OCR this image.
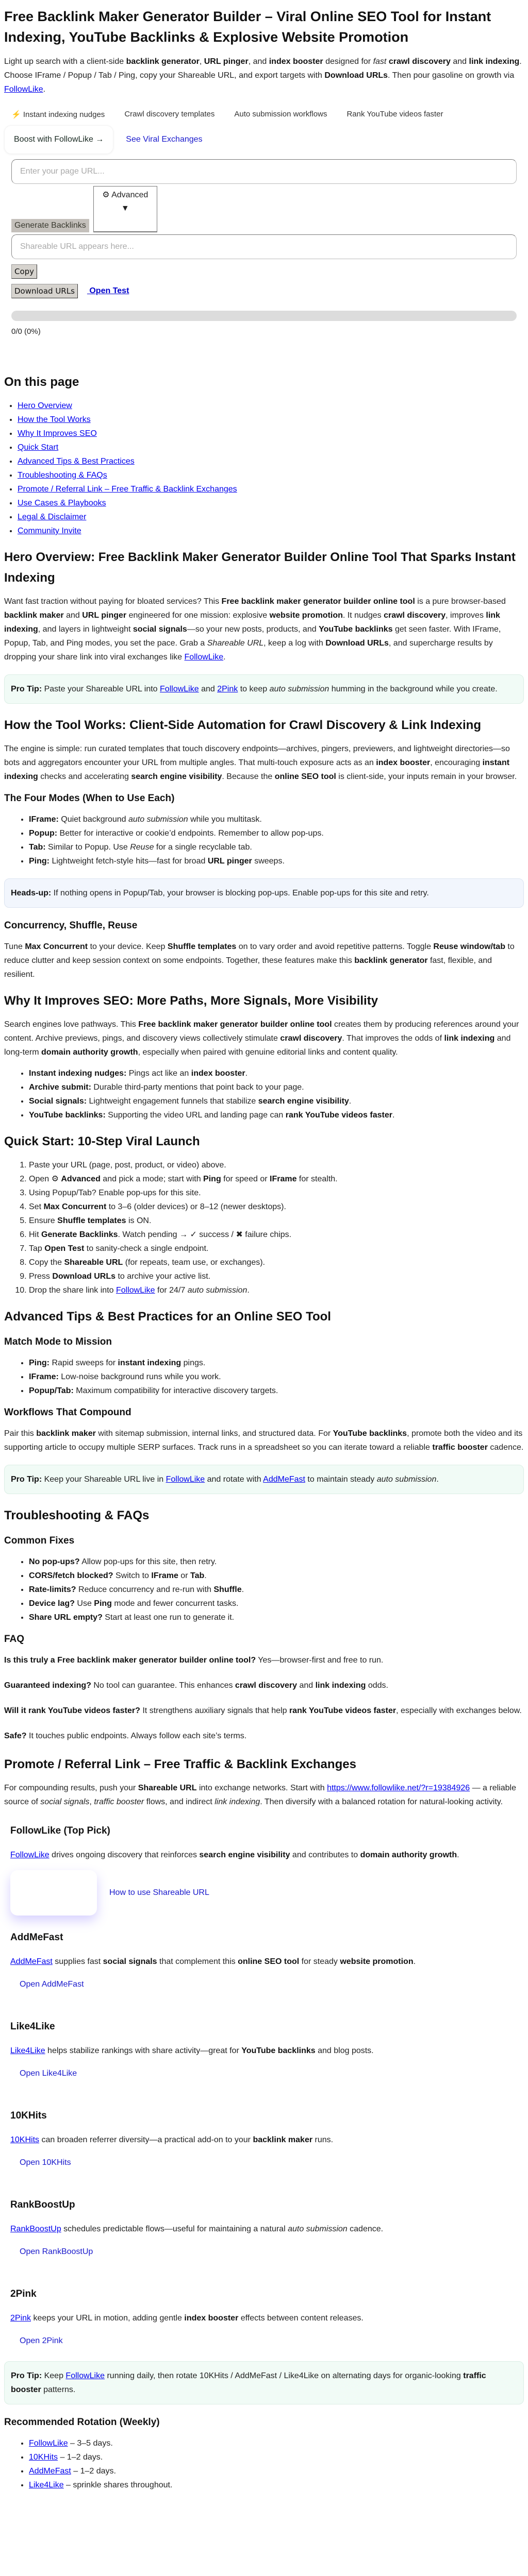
Free Backlink Maker Generator Builder – Viral Online SEO Tool for Instant Indexing, YouTube Backlinks & Explosive Website Promotion

Light up search with a client-side backlink generator, URL pinger, and index booster designed for fast crawl discovery and link indexing. Choose IFrame / Popup / Tab / Ping, copy your Shareable URL, and export targets with Download URLs. Then pour gasoline on growth via FollowLike.

⚡ Instant indexing nudges	Crawl discovery templates	Auto submission workflows	Rank YouTube videos faster
Boost with FollowLike →	See Viral Exchanges
Enter your page URL...
Generate Backlinks
⚙ Advanced
▼
Shareable URL appears here...
Copy
Download URLs	Open Test
0/0 (0%)
On this page
• Hero Overview
• How the Tool Works
• Why It Improves SEO
• Quick Start
• Advanced Tips & Best Practices
• Troubleshooting & FAQs
• Promote / Referral Link – Free Traffic & Backlink Exchanges
• Use Cases & Playbooks
• Legal & Disclaimer
• Community Invite
Hero Overview: Free Backlink Maker Generator Builder Online Tool That Sparks Instant Indexing

Want fast traction without paying for bloated services? This Free backlink maker generator builder online tool is a pure browser-based backlink maker and URL pinger engineered for one mission: explosive website promotion. It nudges crawl discovery, improves link indexing, and layers in lightweight social signals—so your new posts, products, and YouTube backlinks get seen faster. With IFrame, Popup, Tab, and Ping modes, you set the pace. Grab a Shareable URL, keep a log with Download URLs, and supercharge results by dropping your share link into viral exchanges like FollowLike.

Pro Tip: Paste your Shareable URL into FollowLike and 2Pink to keep auto submission humming in the background while you create.
How the Tool Works: Client-Side Automation for Crawl Discovery & Link Indexing

The engine is simple: run curated templates that touch discovery endpoints—archives, pingers, previewers, and lightweight directories—so bots and aggregators encounter your URL from multiple angles. That multi-touch exposure acts as an index booster, encouraging instant indexing checks and accelerating search engine visibility. Because the online SEO tool is client-side, your inputs remain in your browser.

The Four Modes (When to Use Each)
• IFrame: Quiet background auto submission while you multitask.
• Popup: Better for interactive or cookie’d endpoints. Remember to allow pop-ups.
• Tab: Similar to Popup. Use Reuse for a single recyclable tab.
• Ping: Lightweight fetch-style hits—fast for broad URL pinger sweeps.
Heads-up: If nothing opens in Popup/Tab, your browser is blocking pop-ups. Enable pop-ups for this site and retry.
Concurrency, Shuffle, Reuse

Tune Max Concurrent to your device. Keep Shuffle templates on to vary order and avoid repetitive patterns. Toggle Reuse window/tab to reduce clutter and keep session context on some endpoints. Together, these features make this backlink generator fast, flexible, and resilient.

Why It Improves SEO: More Paths, More Signals, More Visibility

Search engines love pathways. This Free backlink maker generator builder online tool creates them by producing references around your content. Archive previews, pings, and discovery views collectively stimulate crawl discovery. That improves the odds of link indexing and long-term domain authority growth, especially when paired with genuine editorial links and content quality.

• Instant indexing nudges: Pings act like an index booster.
• Archive submit: Durable third-party mentions that point back to your page.
• Social signals: Lightweight engagement funnels that stabilize search engine visibility.
• YouTube backlinks: Supporting the video URL and landing page can rank YouTube videos faster.
Quick Start: 10-Step Viral Launch
1. Paste your URL (page, post, product, or video) above.
2. Open ⚙ Advanced and pick a mode; start with Ping for speed or IFrame for stealth.
3. Using Popup/Tab? Enable pop-ups for this site.
4. Set Max Concurrent to 3–6 (older devices) or 8–12 (newer desktops).
5. Ensure Shuffle templates is ON.
6. Hit Generate Backlinks. Watch pending → ✓ success / ✖ failure chips.
7. Tap Open Test to sanity-check a single endpoint.
8. Copy the Shareable URL (for repeats, team use, or exchanges).
9. Press Download URLs to archive your active list.
10. Drop the share link into FollowLike for 24/7 auto submission.
Advanced Tips & Best Practices for an Online SEO Tool
Match Mode to Mission
• Ping: Rapid sweeps for instant indexing pings.
• IFrame: Low-noise background runs while you work.
• Popup/Tab: Maximum compatibility for interactive discovery targets.
Workflows That Compound

Pair this backlink maker with sitemap submission, internal links, and structured data. For YouTube backlinks, promote both the video and its supporting article to occupy multiple SERP surfaces. Track runs in a spreadsheet so you can iterate toward a reliable traffic booster cadence.

Pro Tip: Keep your Shareable URL live in FollowLike and rotate with AddMeFast to maintain steady auto submission.
Troubleshooting & FAQs
Common Fixes
• No pop-ups? Allow pop-ups for this site, then retry.
• CORS/fetch blocked? Switch to IFrame or Tab.
• Rate-limits? Reduce concurrency and re-run with Shuffle.
• Device lag? Use Ping mode and fewer concurrent tasks.
• Share URL empty? Start at least one run to generate it.
FAQ

Is this truly a Free backlink maker generator builder online tool? Yes—browser-first and free to run.

Guaranteed indexing? No tool can guarantee. This enhances crawl discovery and link indexing odds.

Will it rank YouTube videos faster? It strengthens auxiliary signals that help rank YouTube videos faster, especially with exchanges below.

Safe? It touches public endpoints. Always follow each site’s terms.

Promote / Referral Link – Free Traffic & Backlink Exchanges

For compounding results, push your Shareable URL into exchange networks. Start with https://www.followlike.net/?r=19384926 — a reliable source of social signals, traffic booster flows, and indirect link indexing. Then diversify with a balanced rotation for natural-looking activity.

FollowLike (Top Pick)

FollowLike drives ongoing discovery that reinforces search engine visibility and contributes to domain authority growth.

How to use Shareable URL
AddMeFast

AddMeFast supplies fast social signals that complement this online SEO tool for steady website promotion.

Open AddMeFast
Like4Like

Like4Like helps stabilize rankings with share activity—great for YouTube backlinks and blog posts.

Open Like4Like
10KHits

10KHits can broaden referrer diversity—a practical add-on to your backlink maker runs.

Open 10KHits
RankBoostUp

RankBoostUp schedules predictable flows—useful for maintaining a natural auto submission cadence.

Open RankBoostUp
2Pink

2Pink keeps your URL in motion, adding gentle index booster effects between content releases.

Open 2Pink
Pro Tip: Keep FollowLike running daily, then rotate 10KHits / AddMeFast / Like4Like on alternating days for organic-looking traffic booster patterns.
Recommended Rotation (Weekly)
• FollowLike – 3–5 days.
• 10KHits – 1–2 days.
• AddMeFast – 1–2 days.
• Like4Like – sprinkle shares throughout.
